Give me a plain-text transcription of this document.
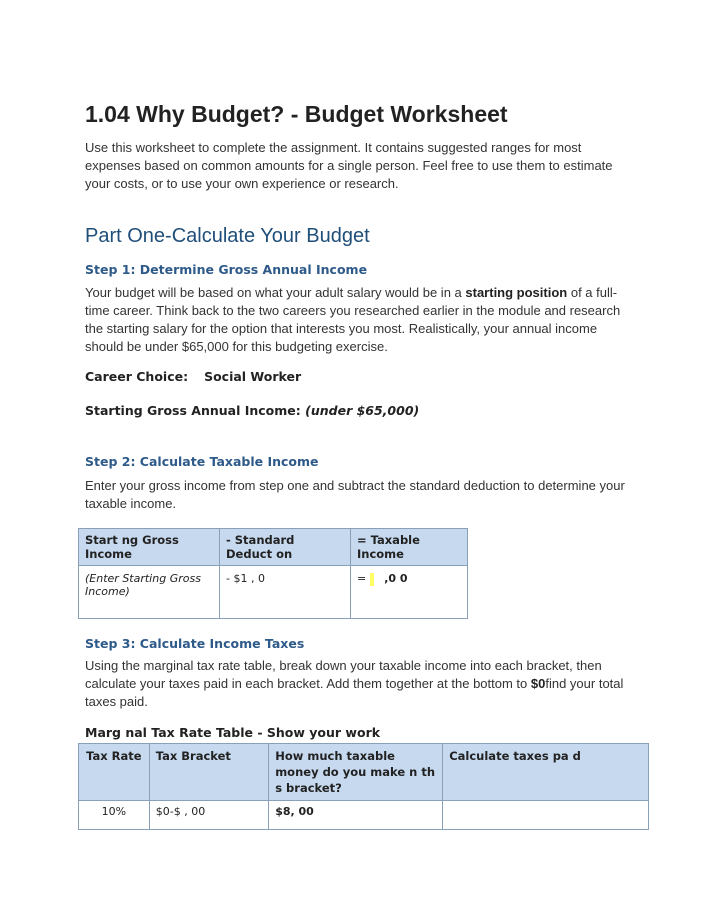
1.04 Why Budget? - Budget Worksheet

Use this worksheet to complete the assignment. It contains suggested ranges for most expenses based on common amounts for a single person. Feel free to use them to estimate your costs, or to use your own experience or research.

Part One-Calculate Your Budget
Step 1: Determine Gross Annual Income

Your budget will be based on what your adult salary would be in a starting position of a full-time career. Think back to the two careers you researched earlier in the module and research the starting salary for the option that interests you most. Realistically, your annual income should be under $65,000 for this budgeting exercise.

Career Choice: Social Worker

Starting Gross Annual Income: (under $65,000)

Step 2: Calculate Taxable Income

Enter your gross income from step one and subtract the standard deduction to determine your taxable income.

Start ng Gross Income	- Standard Deduct on	= Taxable Income
(Enter Starting Gross Income)	- $1 , 0	= ,0 0
Step 3: Calculate Income Taxes

Using the marginal tax rate table, break down your taxable income into each bracket, then calculate your taxes paid in each bracket. Add them together at the bottom to $0find your total taxes paid.

Marg nal Tax Rate Table - Show your work

Tax Rate	Tax Bracket	How much taxable money do you make n th s bracket?	Calculate taxes pa d
10%	$0-$ , 00	$8, 00	
